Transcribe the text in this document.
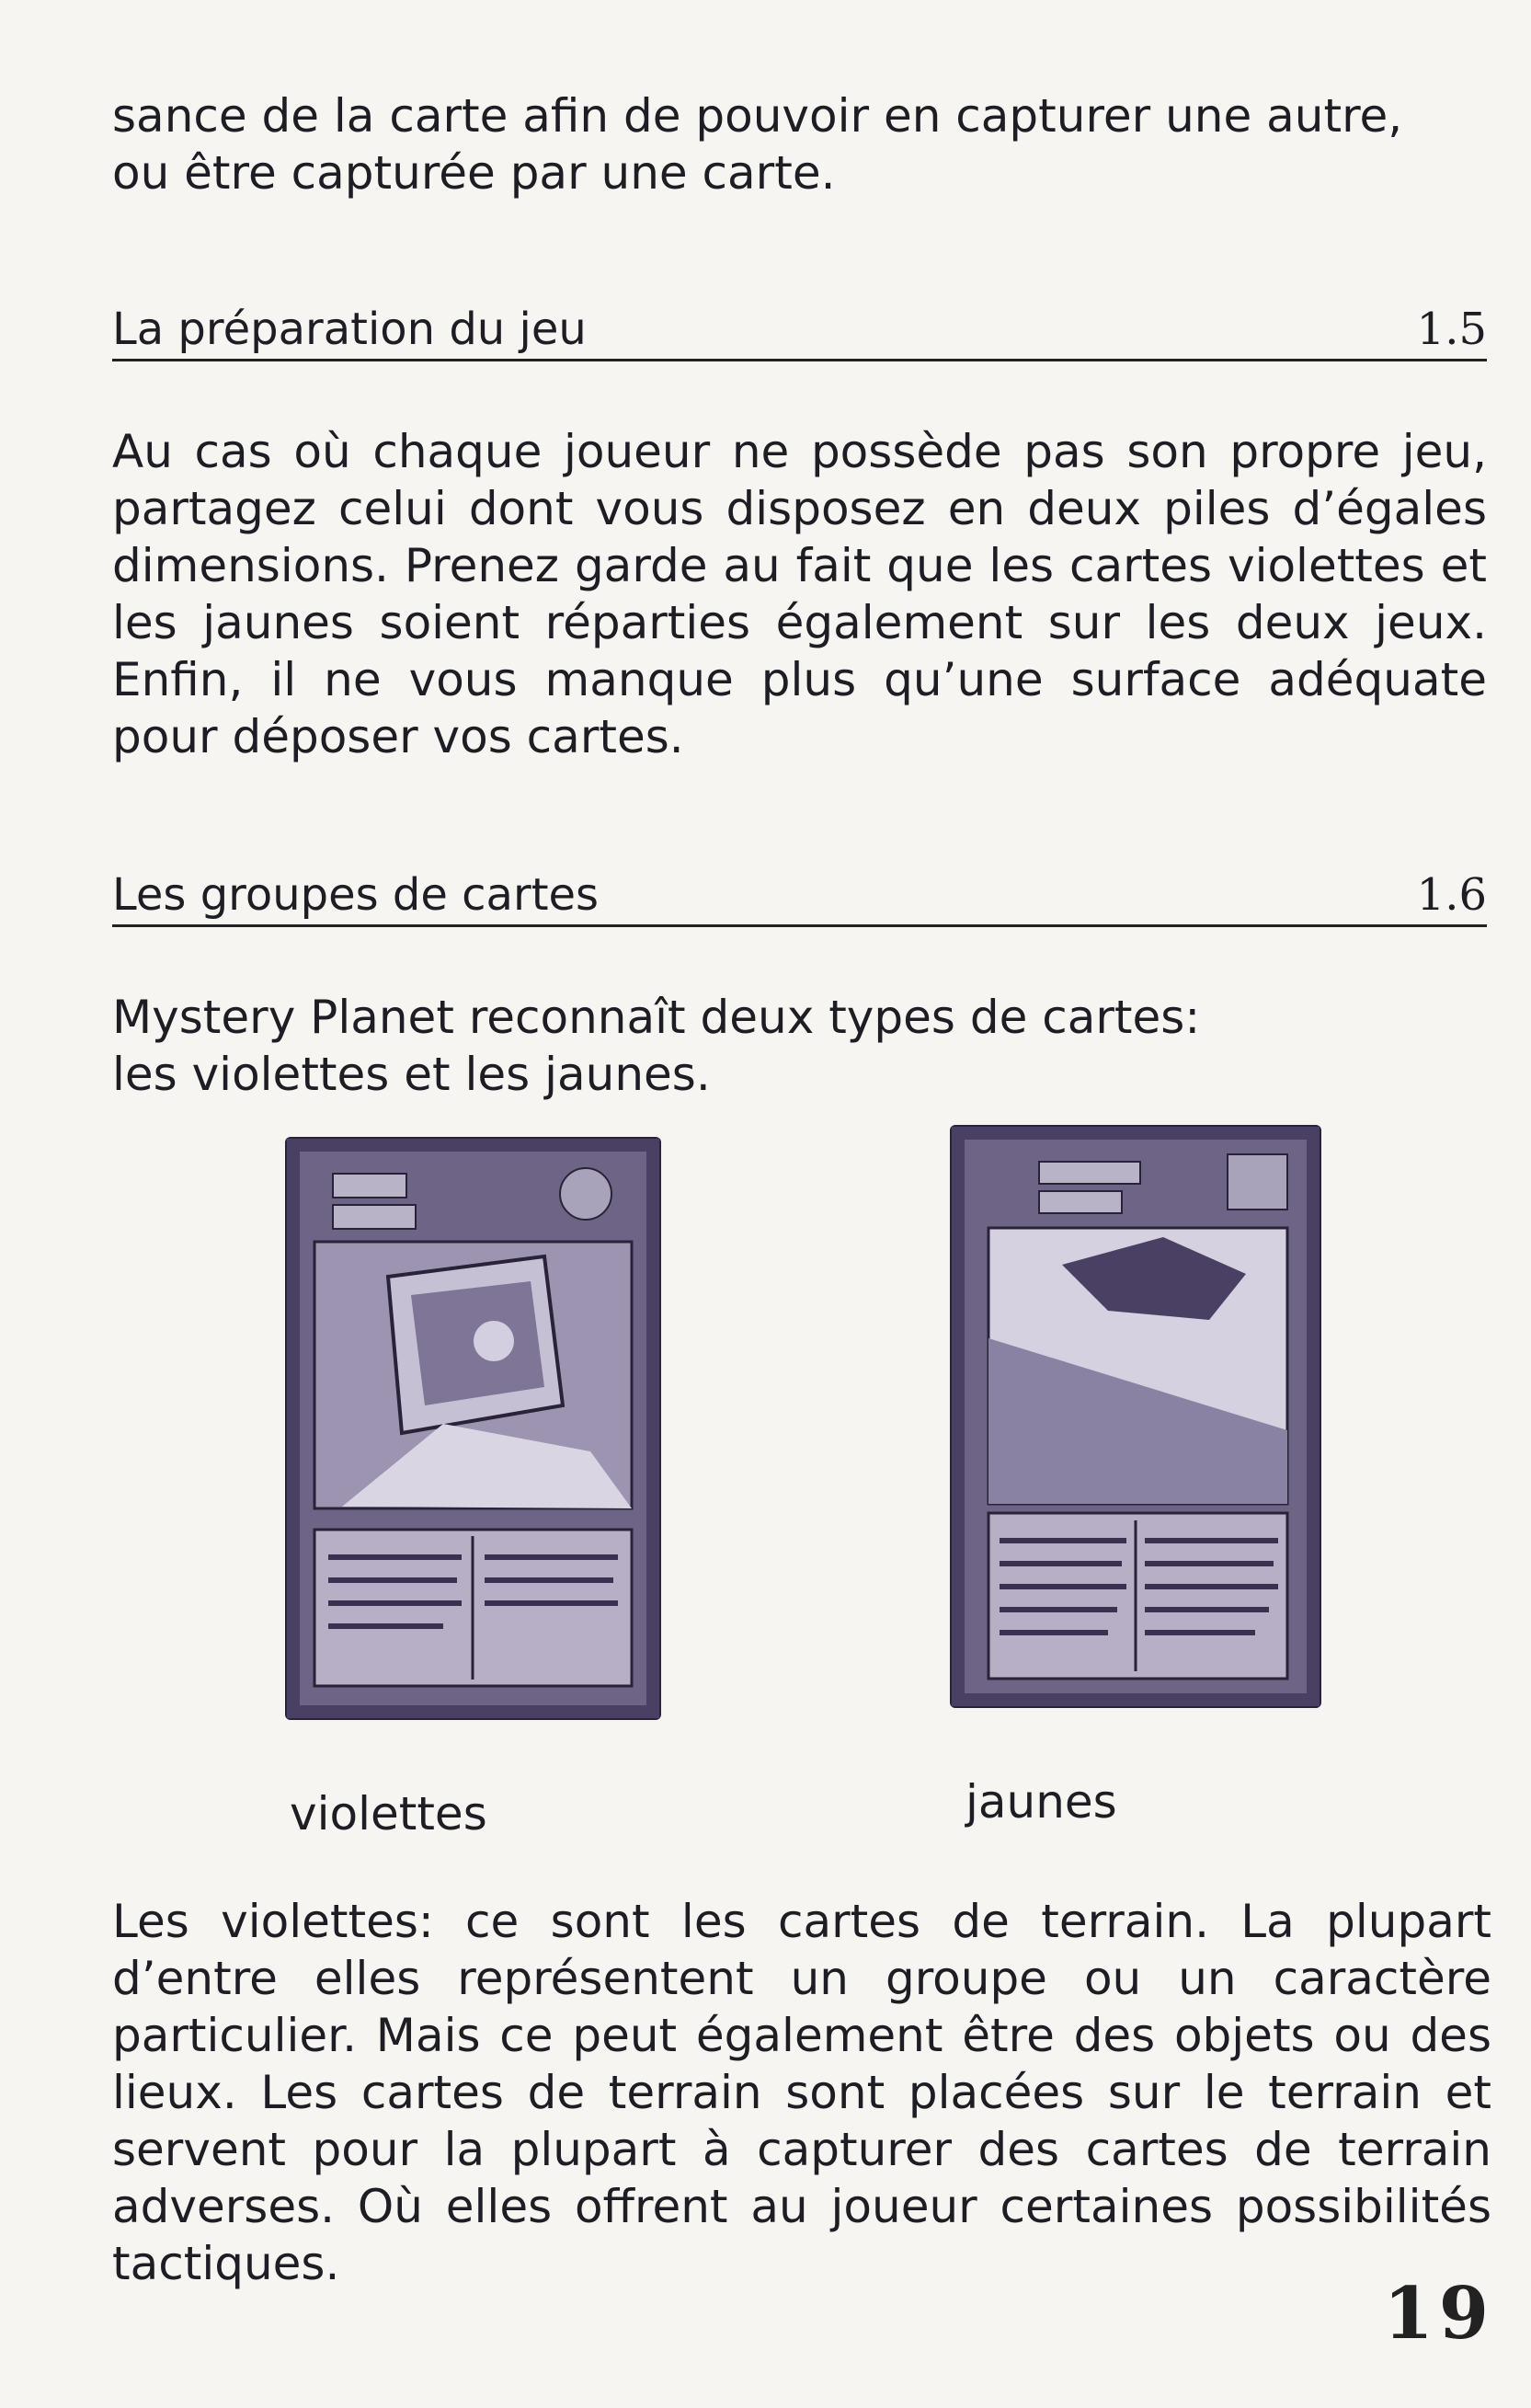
sance de la carte afin de pouvoir en capturer une autre,
ou être capturée par une carte.
La préparation du jeu	1.5
Au cas où chaque joueur ne possède pas son propre jeu, partagez celui dont vous disposez en deux piles d’égales dimensions. Prenez garde au fait que les cartes violettes et les jaunes soient réparties également sur les deux jeux. Enfin, il ne vous manque plus qu’une surface adéquate pour déposer vos cartes.
Les groupes de cartes	1.6
Mystery Planet reconnaît deux types de cartes:
les violettes et les jaunes.
violettes	jaunes
Les violettes: ce sont les cartes de terrain. La plupart d’entre elles représentent un groupe ou un caractère particulier. Mais ce peut également être des objets ou des lieux. Les cartes de terrain sont placées sur le terrain et servent pour la plupart à capturer des cartes de terrain adverses. Où elles offrent au joueur certaines possibilités tactiques.
19
